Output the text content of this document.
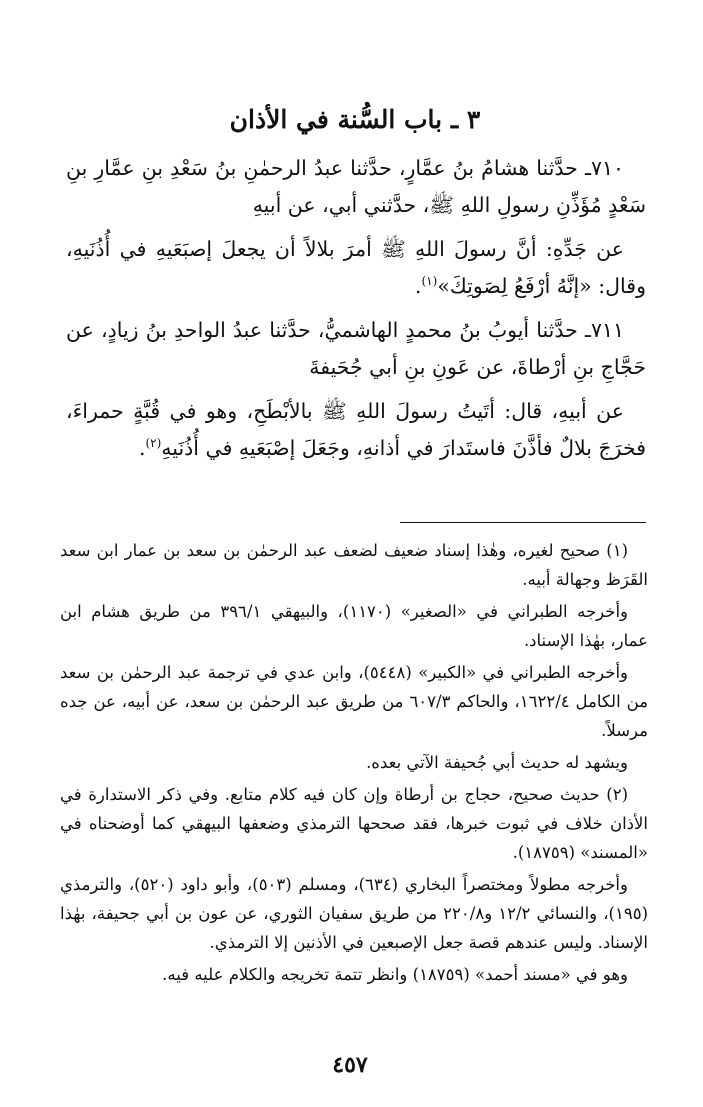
٣ ـ باب السُّنة في الأذان

٧١٠ـ حدَّثنا هشامُ بنُ عمَّارٍ، حدَّثنا عبدُ الرحمٰنِ بنُ سَعْدِ بنِ عمَّارِ بنِ سَعْدٍ مُؤَذِّنِ رسولِ اللهِ ﷺ، حدَّثني أبي، عن أبيهِ

عن جَدِّهِ: أنَّ رسولَ اللهِ ﷺ أمرَ بلالاً أن يجعلَ إصبَعَيهِ في أُذُنَيهِ، وقال: «إنَّهُ أرْفَعُ لِصَوتِكَ»$^{(١)}$.

٧١١ـ حدَّثنا أيوبُ بنُ محمدٍ الهاشميُّ، حدَّثنا عبدُ الواحدِ بنُ زيادٍ، عن حَجَّاجِ بنِ أرْطاةَ، عن عَونِ بنِ أبي جُحَيفةَ

عن أبيهِ، قال: أتَيتُ رسولَ اللهِ ﷺ بالأبْطَحِ، وهو في قُبَّةٍ حمراءَ، فخرَجَ بلالٌ فأذَّنَ فاستَدارَ في أذانهِ، وجَعَلَ إصْبَعَيهِ في أُذُنَيهِ$^{(٢)}$.

(١) صحيح لغيره، وهٰذا إسناد ضعيف لضعف عبد الرحمٰن بن سعد بن عمار ابن سعد القَرَظ وجهالة أبيه.

وأخرجه الطبراني في «الصغير» (١١٧٠)، والبيهقي ٣٩٦/١ من طريق هشام ابن عمار، بهٰذا الإسناد.

وأخرجه الطبراني في «الكبير» (٥٤٤٨)، وابن عدي في ترجمة عبد الرحمٰن بن سعد من الكامل ١٦٢٢/٤، والحاكم ٦٠٧/٣ من طريق عبد الرحمٰن بن سعد، عن أبيه، عن جده مرسلاً.

ويشهد له حديث أبي جُحيفة الآتي بعده.

(٢) حديث صحيح، حجاج بن أرطاة وإن كان فيه كلام متابع. وفي ذكر الاستدارة في الأذان خلاف في ثبوت خبرها، فقد صححها الترمذي وضعفها البيهقي كما أوضحناه في «المسند» (١٨٧٥٩).

وأخرجه مطولاً ومختصراً البخاري (٦٣٤)، ومسلم (٥٠٣)، وأبو داود (٥٢٠)، والترمذي (١٩٥)، والنسائي ١٢/٢ و٢٢٠/٨ من طريق سفيان الثوري، عن عون بن أبي جحيفة، بهٰذا الإسناد. وليس عندهم قصة جعل الإصبعين في الأذنين إلا الترمذي.

وهو في «مسند أحمد» (١٨٧٥٩) وانظر تتمة تخريجه والكلام عليه فيه.

٤٥٧
